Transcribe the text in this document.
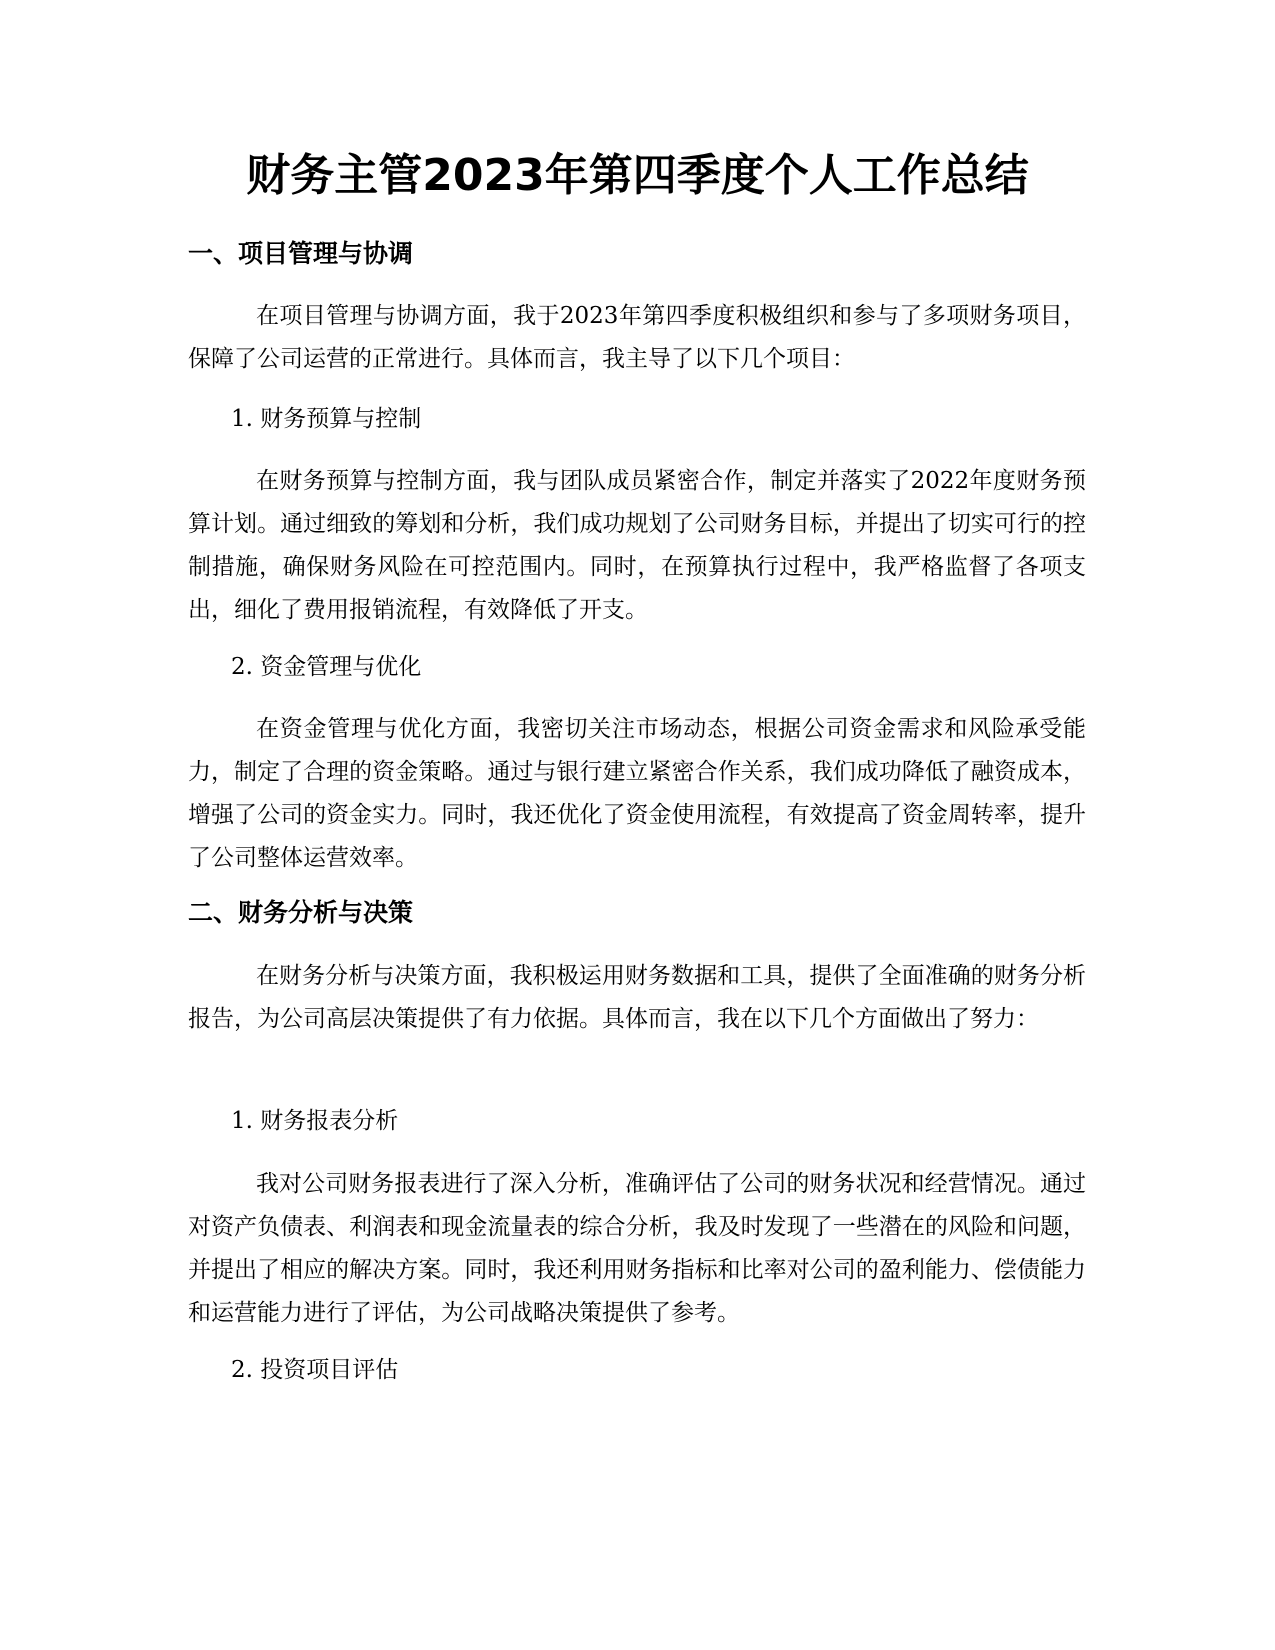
财务主管2023年第四季度个人工作总结
一、项目管理与协调

在项目管理与协调方面，我于2023年第四季度积极组织和参与了多项财务项目，保障了公司运营的正常进行。具体而言，我主导了以下几个项目：

1. 财务预算与控制

在财务预算与控制方面，我与团队成员紧密合作，制定并落实了2022年度财务预算计划。通过细致的筹划和分析，我们成功规划了公司财务目标，并提出了切实可行的控制措施，确保财务风险在可控范围内。同时，在预算执行过程中，我严格监督了各项支出，细化了费用报销流程，有效降低了开支。

2. 资金管理与优化

在资金管理与优化方面，我密切关注市场动态，根据公司资金需求和风险承受能力，制定了合理的资金策略。通过与银行建立紧密合作关系，我们成功降低了融资成本，增强了公司的资金实力。同时，我还优化了资金使用流程，有效提高了资金周转率，提升了公司整体运营效率。

二、财务分析与决策

在财务分析与决策方面，我积极运用财务数据和工具，提供了全面准确的财务分析报告，为公司高层决策提供了有力依据。具体而言，我在以下几个方面做出了努力：

1. 财务报表分析

我对公司财务报表进行了深入分析，准确评估了公司的财务状况和经营情况。通过对资产负债表、利润表和现金流量表的综合分析，我及时发现了一些潜在的风险和问题，并提出了相应的解决方案。同时，我还利用财务指标和比率对公司的盈利能力、偿债能力和运营能力进行了评估，为公司战略决策提供了参考。

2. 投资项目评估
